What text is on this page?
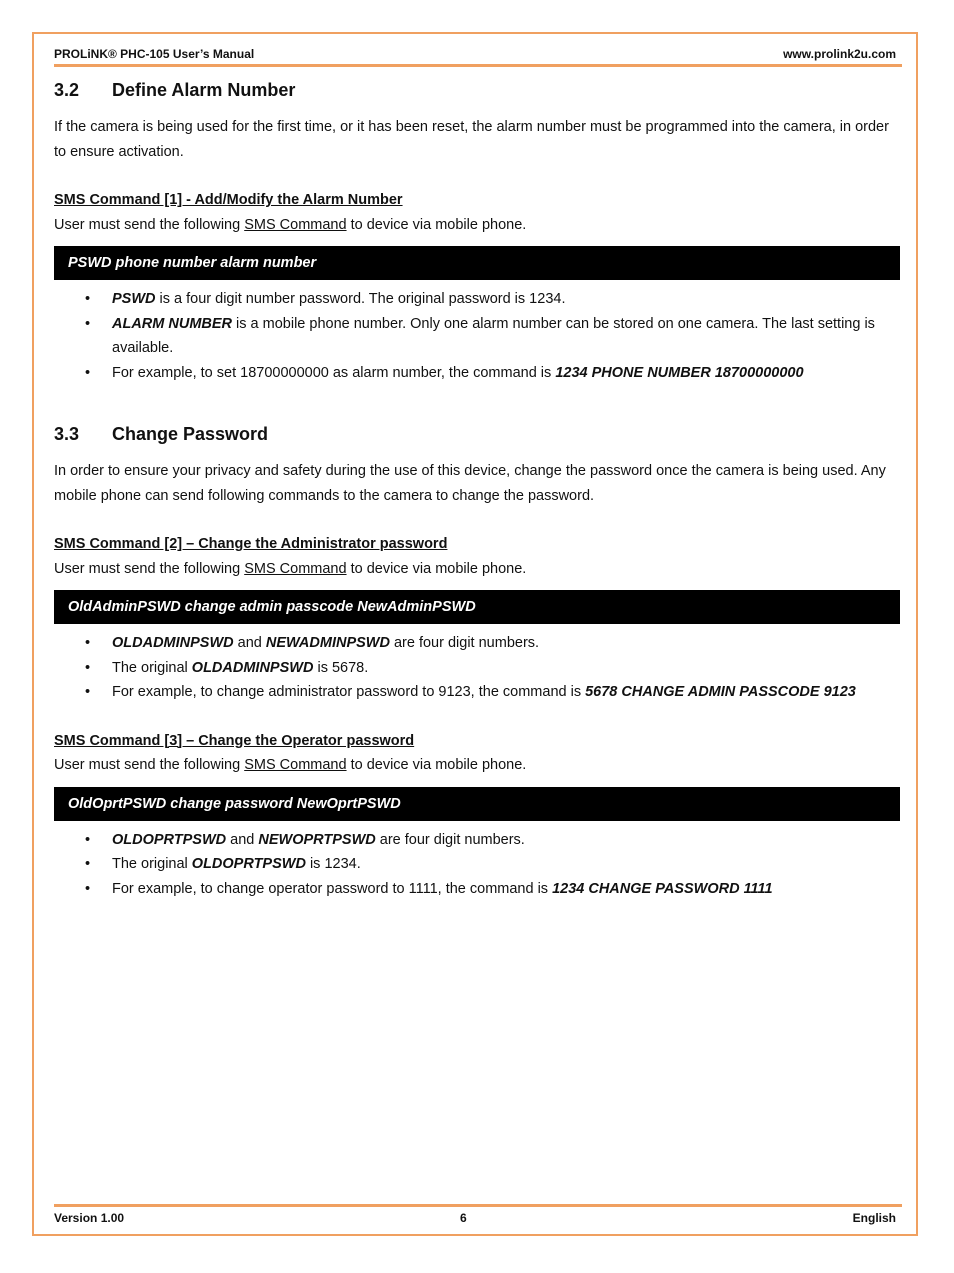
PROLiNK® PHC-105 User’s Manual	www.prolink2u.com
3.2 Define Alarm Number

If the camera is being used for the first time, or it has been reset, the alarm number must be programmed into the camera, in order to ensure activation.

SMS Command [1] - Add/Modify the Alarm Number

User must send the following SMS Command to device via mobile phone.

PSWD phone number alarm number
• PSWD is a four digit number password. The original password is 1234.
• ALARM NUMBER is a mobile phone number. Only one alarm number can be stored on one camera. The last setting is available.
• For example, to set 18700000000 as alarm number, the command is 1234 PHONE NUMBER 18700000000
3.3 Change Password

In order to ensure your privacy and safety during the use of this device, change the password once the camera is being used. Any mobile phone can send following commands to the camera to change the password.

SMS Command [2] – Change the Administrator password

User must send the following SMS Command to device via mobile phone.

OldAdminPSWD change admin passcode NewAdminPSWD
• OLDADMINPSWD and NEWADMINPSWD are four digit numbers.
• The original OLDADMINPSWD is 5678.
• For example, to change administrator password to 9123, the command is 5678 CHANGE ADMIN PASSCODE 9123
SMS Command [3] – Change the Operator password

User must send the following SMS Command to device via mobile phone.

OldOprtPSWD change password NewOprtPSWD
• OLDOPRTPSWD and NEWOPRTPSWD are four digit numbers.
• The original OLDOPRTPSWD is 1234.
• For example, to change operator password to 1111, the command is 1234 CHANGE PASSWORD 1111
Version 1.00	6	English
